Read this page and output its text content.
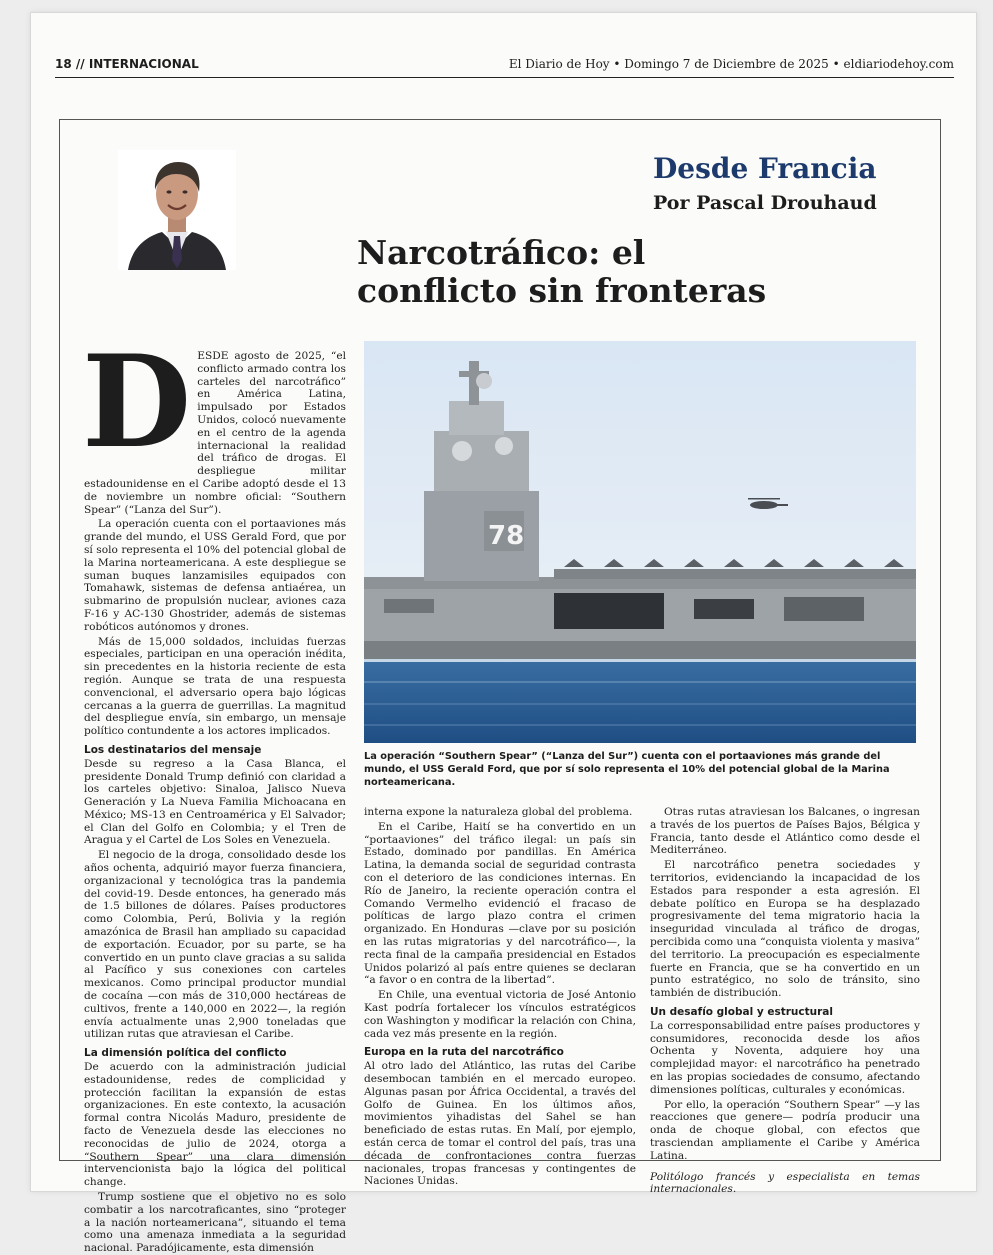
18 // INTERNACIONAL	El Diario de Hoy • Domingo 7 de Diciembre de 2025 • eldiariodehoy.com
Desde Francia
Por Pascal Drouhaud
Narcotráfico: el conflicto sin fronteras
D ESDE agosto de 2025, “el conflicto armado contra los carteles del narcotráfico” en América Latina, impulsado por Estados Unidos, colocó nuevamente en el centro de la agenda internacional la realidad del tráfico de drogas. El despliegue militar estadounidense en el Caribe adoptó desde el 13 de noviembre un nombre oficial: “Southern Spear” (“Lanza del Sur”).

La operación cuenta con el portaaviones más grande del mundo, el USS Gerald Ford, que por sí solo representa el 10% del potencial global de la Marina norteamericana. A este despliegue se suman buques lanzamisiles equipados con Tomahawk, sistemas de defensa antiaérea, un submarino de propulsión nuclear, aviones caza F-16 y AC-130 Ghostrider, además de sistemas robóticos autónomos y drones.

Más de 15,000 soldados, incluidas fuerzas especiales, participan en una operación inédita, sin precedentes en la historia reciente de esta región. Aunque se trata de una respuesta convencional, el adversario opera bajo lógicas cercanas a la guerra de guerrillas. La magnitud del despliegue envía, sin embargo, un mensaje político contundente a los actores implicados.

Los destinatarios del mensaje

Desde su regreso a la Casa Blanca, el presidente Donald Trump definió con claridad a los carteles objetivo: Sinaloa, Jalisco Nueva Generación y La Nueva Familia Michoacana en México; MS-13 en Centroamérica y El Salvador; el Clan del Golfo en Colombia; y el Tren de Aragua y el Cartel de Los Soles en Venezuela.

El negocio de la droga, consolidado desde los años ochenta, adquirió mayor fuerza financiera, organizacional y tecnológica tras la pandemia del covid-19. Desde entonces, ha generado más de 1.5 billones de dólares. Países productores como Colombia, Perú, Bolivia y la región amazónica de Brasil han ampliado su capacidad de exportación. Ecuador, por su parte, se ha convertido en un punto clave gracias a su salida al Pacífico y sus conexiones con carteles mexicanos. Como principal productor mundial de cocaína —con más de 310,000 hectáreas de cultivos, frente a 140,000 en 2022—, la región envía actualmente unas 2,900 toneladas que utilizan rutas que atraviesan el Caribe.

La dimensión política del conflicto

De acuerdo con la administración judicial estadounidense, redes de complicidad y protección facilitan la expansión de estas organizaciones. En este contexto, la acusación formal contra Nicolás Maduro, presidente de facto de Venezuela desde las elecciones no reconocidas de julio de 2024, otorga a “Southern Spear” una clara dimensión intervencionista bajo la lógica del political change.

Trump sostiene que el objetivo no es solo combatir a los narcotraficantes, sino “proteger a la nación norteamericana”, situando el tema como una amenaza inmediata a la seguridad nacional. Paradójicamente, esta dimensión

78
La operación “Southern Spear” (“Lanza del Sur”) cuenta con el portaaviones más grande del mundo, el USS Gerald Ford, que por sí solo representa el 10% del potencial global de la Marina norteamericana.

interna expone la naturaleza global del problema.

En el Caribe, Haití se ha convertido en un “portaaviones” del tráfico ilegal: un país sin Estado, dominado por pandillas. En América Latina, la demanda social de seguridad contrasta con el deterioro de las condiciones internas. En Río de Janeiro, la reciente operación contra el Comando Vermelho evidenció el fracaso de políticas de largo plazo contra el crimen organizado. En Honduras —clave por su posición en las rutas migratorias y del narcotráfico—, la recta final de la campaña presidencial en Estados Unidos polarizó al país entre quienes se declaran “a favor o en contra de la libertad”.

En Chile, una eventual victoria de José Antonio Kast podría fortalecer los vínculos estratégicos con Washington y modificar la relación con China, cada vez más presente en la región.

Europa en la ruta del narcotráfico

Al otro lado del Atlántico, las rutas del Caribe desembocan también en el mercado europeo. Algunas pasan por África Occidental, a través del Golfo de Guinea. En los últimos años, movimientos yihadistas del Sahel se han beneficiado de estas rutas. En Malí, por ejemplo, están cerca de tomar el control del país, tras una década de confrontaciones contra fuerzas nacionales, tropas francesas y contingentes de Naciones Unidas.

Otras rutas atraviesan los Balcanes, o ingresan a través de los puertos de Países Bajos, Bélgica y Francia, tanto desde el Atlántico como desde el Mediterráneo.

El narcotráfico penetra sociedades y territorios, evidenciando la incapacidad de los Estados para responder a esta agresión. El debate político en Europa se ha desplazado progresivamente del tema migratorio hacia la inseguridad vinculada al tráfico de drogas, percibida como una “conquista violenta y masiva” del territorio. La preocupación es especialmente fuerte en Francia, que se ha convertido en un punto estratégico, no solo de tránsito, sino también de distribución.

Un desafío global y estructural

La corresponsabilidad entre países productores y consumidores, reconocida desde los años Ochenta y Noventa, adquiere hoy una complejidad mayor: el narcotráfico ha penetrado en las propias sociedades de consumo, afectando dimensiones políticas, culturales y económicas.

Por ello, la operación “Southern Spear” —y las reacciones que genere— podría producir una onda de choque global, con efectos que trasciendan ampliamente el Caribe y América Latina.

Politólogo francés y especialista en temas internacionales.
